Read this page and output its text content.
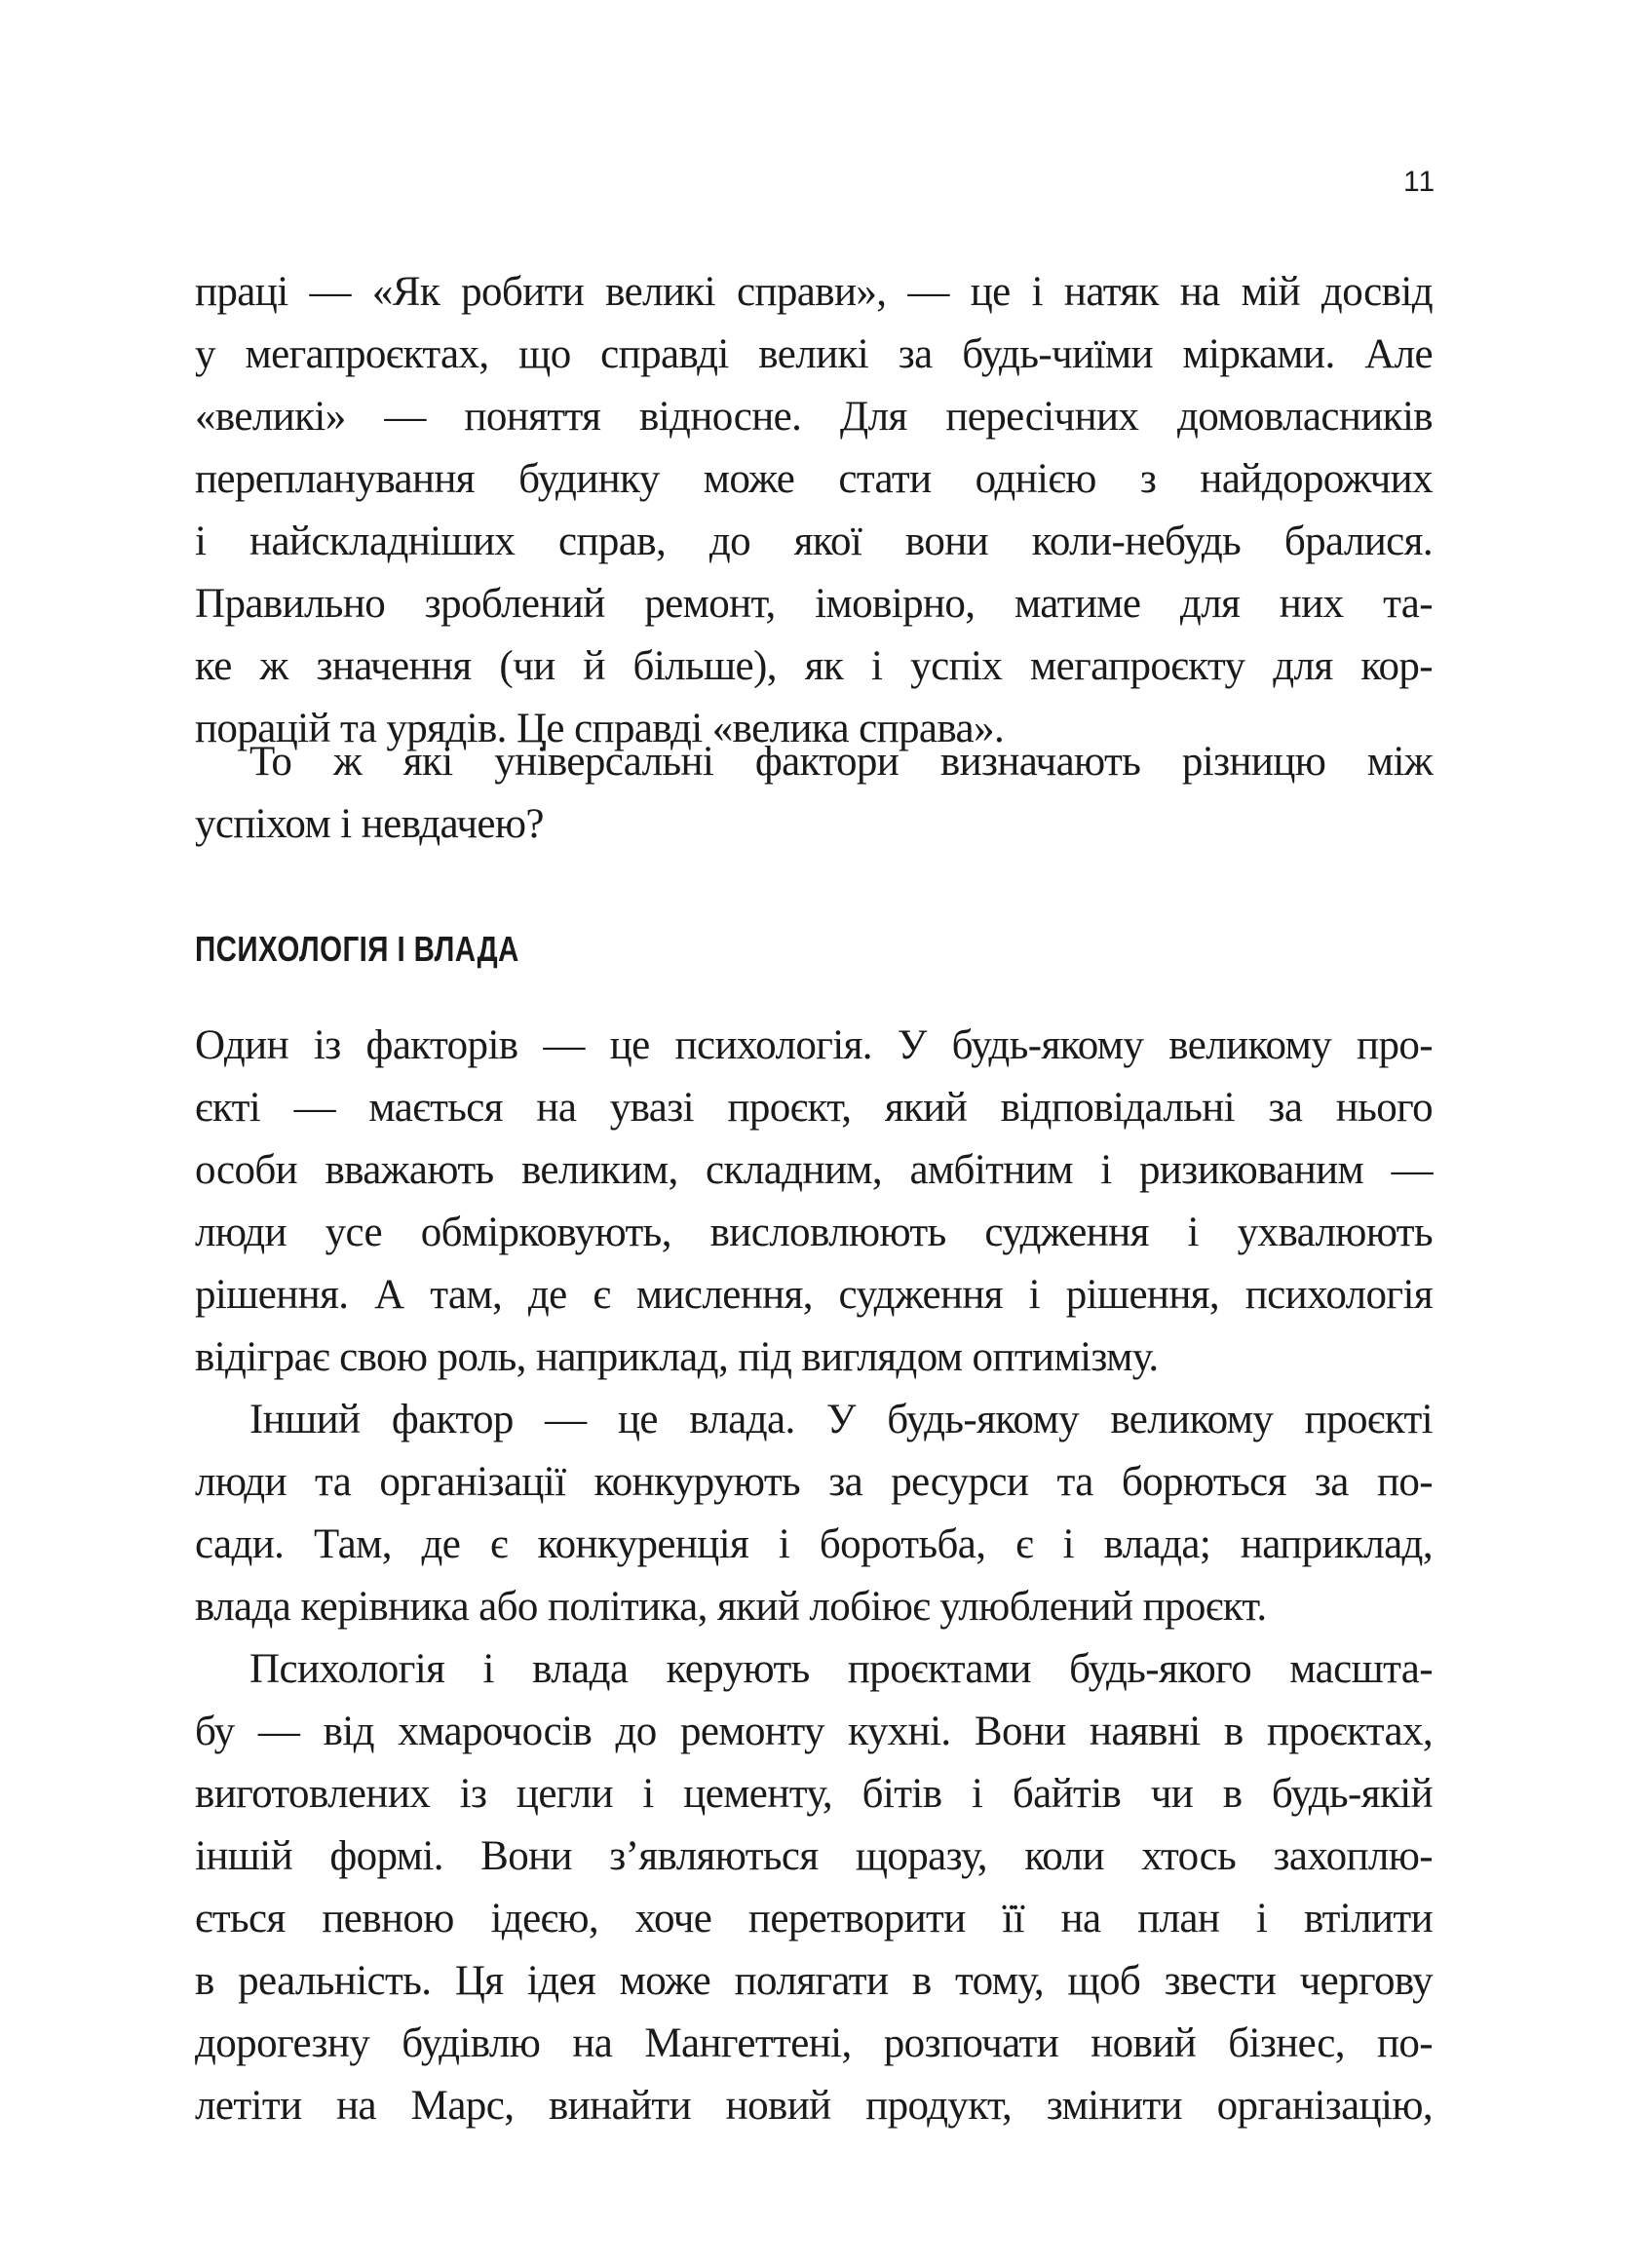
11
праці — «Як робити великі справи», — це і натяк на мій досвід
у мегапроєктах, що справді великі за будь-чиїми мірками. Але
«великі» — поняття відносне. Для пересічних домовласників
перепланування будинку може стати однією з найдорожчих
і найскладніших справ, до якої вони коли-небудь бралися.
Правильно зроблений ремонт, імовірно, матиме для них та-
ке ж значення (чи й більше), як і успіх мегапроєкту для кор-
порацій та урядів. Це справді «велика справа».
То ж які універсальні фактори визначають різницю між
успіхом і невдачею?
ПСИХОЛОГІЯ І ВЛАДА
Один із факторів — це психологія. У будь-якому великому про-
єкті — мається на увазі проєкт, який відповідальні за нього
особи вважають великим, складним, амбітним і ризикованим —
люди усе обмірковують, висловлюють судження і ухвалюють
рішення. А там, де є мислення, судження і рішення, психологія
відіграє свою роль, наприклад, під виглядом оптимізму.
Інший фактор — це влада. У будь-якому великому проєкті
люди та організації конкурують за ресурси та борються за по-
сади. Там, де є конкуренція і боротьба, є і влада; наприклад,
влада керівника або політика, який лобіює улюблений проєкт.
Психологія і влада керують проєктами будь-якого масшта-
бу — від хмарочосів до ремонту кухні. Вони наявні в проєктах,
виготовлених із цегли і цементу, бітів і байтів чи в будь-якій
іншій формі. Вони з’являються щоразу, коли хтось захоплю-
ється певною ідеєю, хоче перетворити її на план і втілити
в реальність. Ця ідея може полягати в тому, щоб звести чергову
дорогезну будівлю на Мангеттені, розпочати новий бізнес, по-
летіти на Марс, винайти новий продукт, змінити організацію,
